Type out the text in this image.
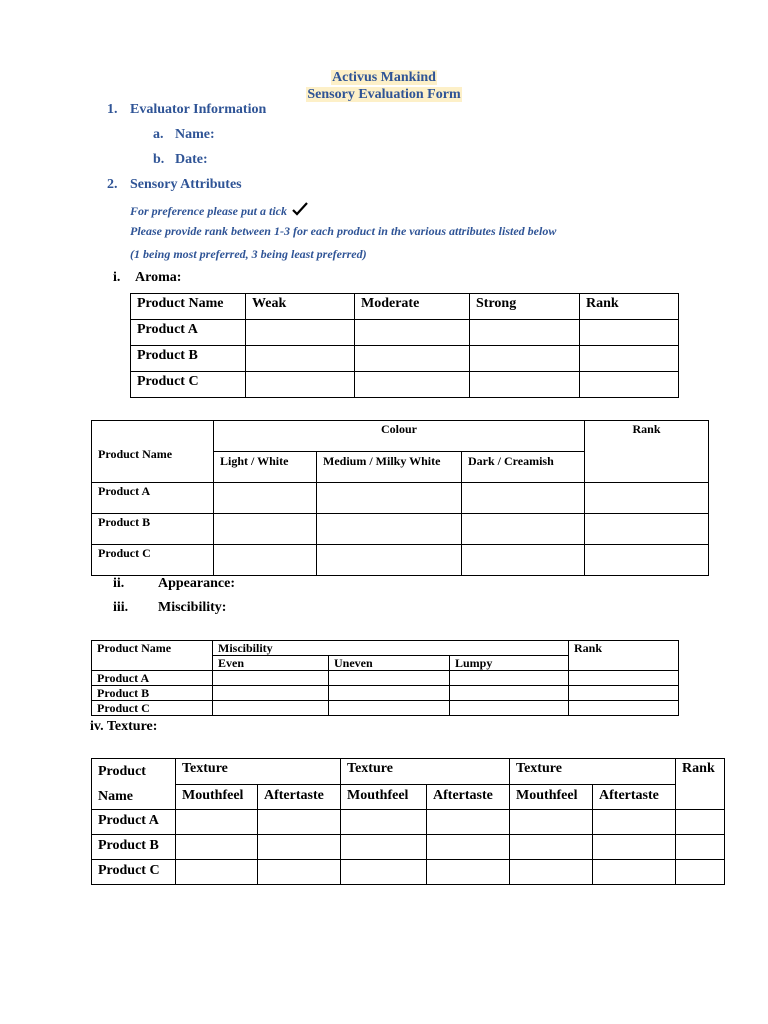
Activus Mankind
Sensory Evaluation Form
1. Evaluator Information
a. Name:
b. Date:
2. Sensory Attributes
For preference please put a tick
Please provide rank between 1-3 for each product in the various attributes listed below
(1 being most preferred, 3 being least preferred)
i. Aroma:
Product Name	Weak	Moderate	Strong	Rank
Product A				
Product B				
Product C				
Product Name	Colour			Rank
	Light / White	Medium / Milky White	Dark / Creamish	
Product A				
Product B				
Product C				
ii. Appearance:
iii. Miscibility:
Product Name	Miscibility			Rank
	Even	Uneven	Lumpy	
Product A				
Product B				
Product C				
iv. Texture:
Product
Name	Texture		Texture		Texture		Rank
	Mouthfeel	Aftertaste	Mouthfeel	Aftertaste	Mouthfeel	Aftertaste	
Product A							
Product B							
Product C							
